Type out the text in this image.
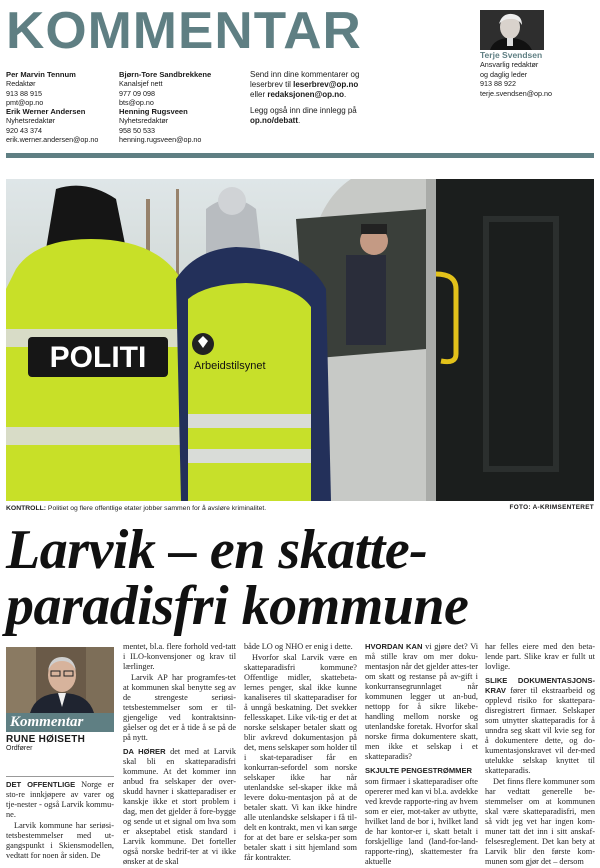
KOMMENTAR	Terje Svendsen
Ansvarlig redaktør
og daglig leder
913 88 922
terje.svendsen@op.no
Per Marvin Tennum
Redaktør
913 88 915
pmt@op.no
Erik Werner Andersen
Nyhetsredaktør
920 43 374
erik.werner.andersen@op.no
Bjørn-Tore Sandbrekkene
Kanalsjef nett
977 09 098
bts@op.no
Henning Rugsveen
Nyhetsredaktør
958 50 533
henning.rugsveen@op.no
Send inn dine kommentarer og
leserbrev til leserbrev@op.no
eller redaksjonen@op.no.
Legg også inn dine innlegg på
op.no/debatt.
POLITI	Arbeidstilsynet
KONTROLL: Politiet og flere offentlige etater jobber sammen for å avsløre kriminalitet.	FOTO: A-KRIMSENTERET
Larvik – en skatte-
paradisfri kommune
Kommentar
RUNE HØISETH
Ordfører

DET OFFENTLIGE Norge er sto-re innkjøpere av varer og tje-nester - også Larvik kommu-ne.

Larvik kommune har seriøsi-tetsbestemmelser med ut-gangspunkt i Skiensmodellen, vedtatt for noen år siden. De

mentet, bl.a. flere forhold ved-tatt i ILO-konvensjoner og krav til lærlinger.

Larvik AP har programfes-tet at kommunen skal benytte seg av de strengeste seriøsi-tetsbestemmelser som er til-gjengelige ved kontraktsinn-gåelser og det er å tide å se på de på nytt.

DA HØRER det med at Larvik skal bli en skatteparadisfri kommune. At det kommer inn anbud fra selskaper der over-skudd havner i skatteparadiser er kanskje ikke et stort problem i dag, men det gjelder å fore-bygge og sende ut et signal om hva som er akseptabel etisk standard i Larvik kommune. Det forteller også norske bedrif-ter at vi ikke ønsker at de skal

både LO og NHO er enig i dette.

Hvorfor skal Larvik være en skatteparadisfri kommune? Offentlige midler, skattebeta-lernes penger, skal ikke kunne kanaliseres til skatteparadiser for å unngå beskatning. Det svekker fellesskapet. Like vik-tig er det at norske selskaper betaler skatt og blir avkrevd dokumentasjon på det, mens selskaper som holder til i skat-teparadiser får en konkurran-sefordel som norske selskaper ikke har når utenlandske sel-skaper ikke må levere doku-mentasjon på at de betaler skatt. Vi kan ikke hindre alle utenlandske selskaper i få til-delt en kontrakt, men vi kan sørge for at det bare er selska-per som betaler skatt i sitt hjemland som får kontrakter.

HVORDAN KAN vi gjøre det? Vi må stille krav om mer doku-mentasjon når det gjelder attes-ter om skatt og restanse på av-gift i konkurransegrunnlaget når kommunen legger ut an-bud, nettopp for å sikre likebe-handling mellom norske og utenlandske foretak. Hvorfor skal norske firma dokumentere skatt, men ikke et selskap i et skatteparadis?

SKJULTE PENGESTRØMMER

som firmaer i skatteparadiser ofte opererer med kan vi bl.a. avdekke ved krevde rapporte-ring av hvem som er eier, mot-taker av utbytte, hvilket land de bor i, hvilket land de har kontor-er i, skatt betalt i forskjellige land (land-for-land-rapporte-ring), skattemester fra aktuelle

har felles eiere med den beta-lende part. Slike krav er fullt ut lovlige.

SLIKE DOKUMENTASJONS-KRAV fører til ekstraarbeid og opplevd risiko for skattepara-disregistrert firmaer. Selskaper som utnytter skatteparadis for å unndra seg skatt vil kvie seg for å dokumentere dette, og do-kumentasjonskravet vil der-med utelukke selskap knyttet til skatteparadis.

Det finns flere kommuner som har vedtatt generelle be-stemmelser om at kommunen skal være skatteparadisfri, men så vidt jeg vet har ingen kom-muner tatt det inn i sitt anskaf-felsesreglement. Det kan bety at Larvik blir den første kom-munen som gjør det – dersom
